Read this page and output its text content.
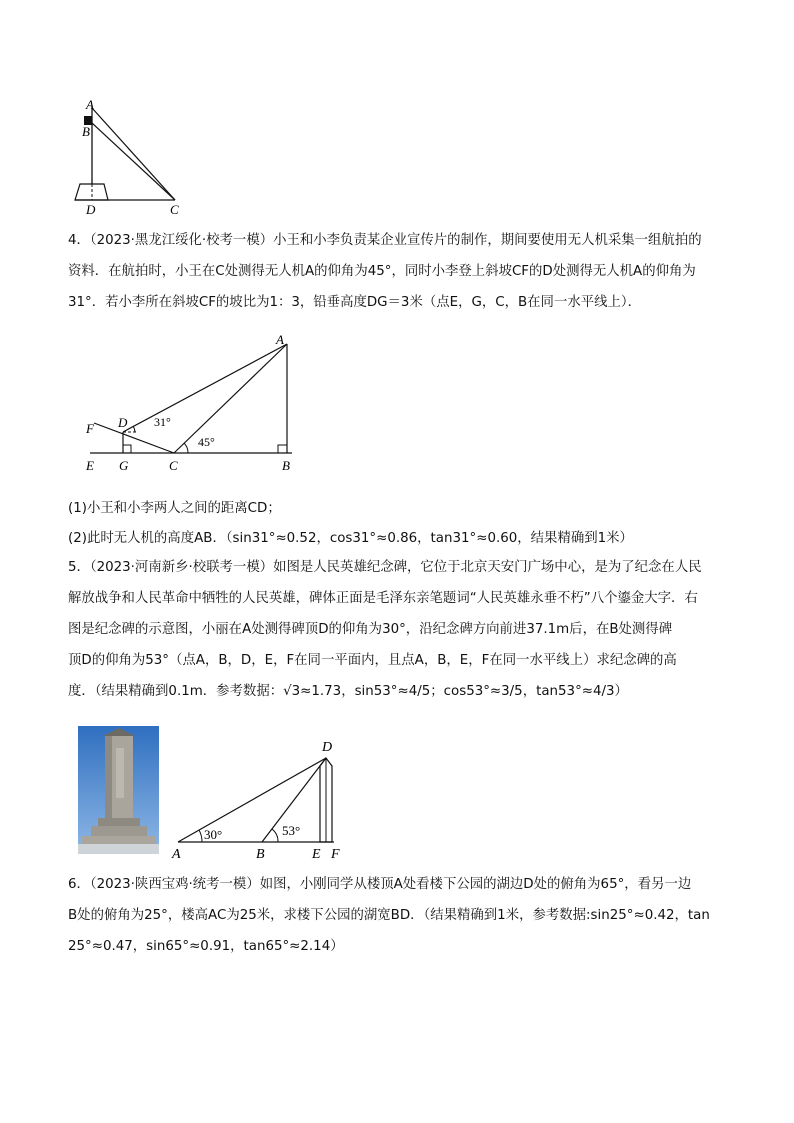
A
B
D	C
4．（2023·黑龙江绥化·校考一模）小王和小李负责某企业宣传片的制作，期间要使用无人机采集一组航拍的
资料．在航拍时，小王在C处测得无人机A的仰角为45°，同时小李登上斜坡CF的D处测得无人机A的仰角为
31°．若小李所在斜坡CF的坡比为1：3，铅垂高度DG＝3米（点E，G，C，B在同一水平线上）．
A
F D
E G	C	B
31°
45°
(1)小王和小李两人之间的距离CD；
(2)此时无人机的高度AB．（sin31°≈0.52，cos31°≈0.86，tan31°≈0.60，结果精确到1米）
5．（2023·河南新乡·校联考一模）如图是人民英雄纪念碑，它位于北京天安门广场中心，是为了纪念在人民
解放战争和人民革命中牺牲的人民英雄，碑体正面是毛泽东亲笔题词“人民英雄永垂不朽”八个鎏金大字．右
图是纪念碑的示意图，小丽在A处测得碑顶D的仰角为30°，沿纪念碑方向前进37.1m后，在B处测得碑
顶D的仰角为53°（点A，B，D，E，F在同一平面内，且点A，B，E，F在同一水平线上）求纪念碑的高
度．（结果精确到0.1m．参考数据：√3≈1.73，sin53°≈4/5；cos53°≈3/5，tan53°≈4/3）
D
A	B	E F
30°	53°
6．（2023·陕西宝鸡·统考一模）如图，小刚同学从楼顶A处看楼下公园的湖边D处的俯角为65°，看另一边
B处的俯角为25°，楼高AC为25米，求楼下公园的湖宽BD．（结果精确到1米，参考数据:sin25°≈0.42，tan
25°≈0.47，sin65°≈0.91，tan65°≈2.14）
